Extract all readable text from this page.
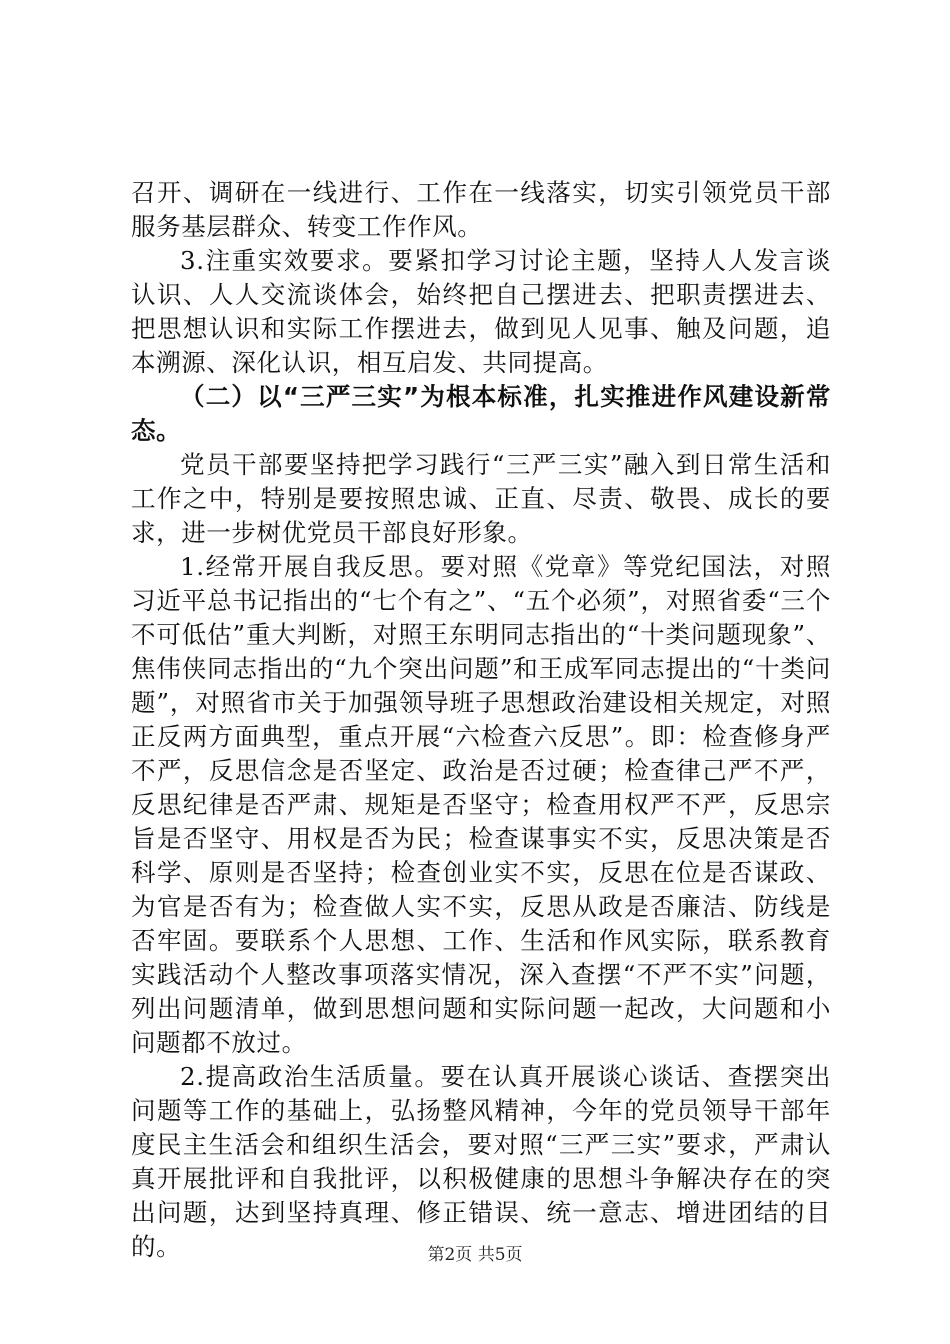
召开、调研在一线进行、工作在一线落实，切实引领党员干部服务基层群众、转变工作作风。

3.注重实效要求。要紧扣学习讨论主题，坚持人人发言谈认识、人人交流谈体会，始终把自己摆进去、把职责摆进去、把思想认识和实际工作摆进去，做到见人见事、触及问题，追本溯源、深化认识，相互启发、共同提高。

（二）以“三严三实”为根本标准，扎实推进作风建设新常态。

党员干部要坚持把学习践行“三严三实”融入到日常生活和工作之中，特别是要按照忠诚、正直、尽责、敬畏、成长的要求，进一步树优党员干部良好形象。

1.经常开展自我反思。要对照《党章》等党纪国法，对照习近平总书记指出的“七个有之”、“五个必须”，对照省委“三个不可低估”重大判断，对照王东明同志指出的“十类问题现象”、焦伟侠同志指出的“九个突出问题”和王成军同志提出的“十类问题”，对照省市关于加强领导班子思想政治建设相关规定，对照正反两方面典型，重点开展“六检查六反思”。即：检查修身严不严，反思信念是否坚定、政治是否过硬；检查律己严不严，反思纪律是否严肃、规矩是否坚守；检查用权严不严，反思宗旨是否坚守、用权是否为民；检查谋事实不实，反思决策是否科学、原则是否坚持；检查创业实不实，反思在位是否谋政、为官是否有为；检查做人实不实，反思从政是否廉洁、防线是否牢固。要联系个人思想、工作、生活和作风实际，联系教育实践活动个人整改事项落实情况，深入查摆“不严不实”问题，列出问题清单，做到思想问题和实际问题一起改，大问题和小问题都不放过。

2.提高政治生活质量。要在认真开展谈心谈话、查摆突出问题等工作的基础上，弘扬整风精神，今年的党员领导干部年度民主生活会和组织生活会，要对照“三严三实”要求，严肃认真开展批评和自我批评，以积极健康的思想斗争解决存在的突出问题，达到坚持真理、修正错误、统一意志、增进团结的目的。	第2页 共5页
